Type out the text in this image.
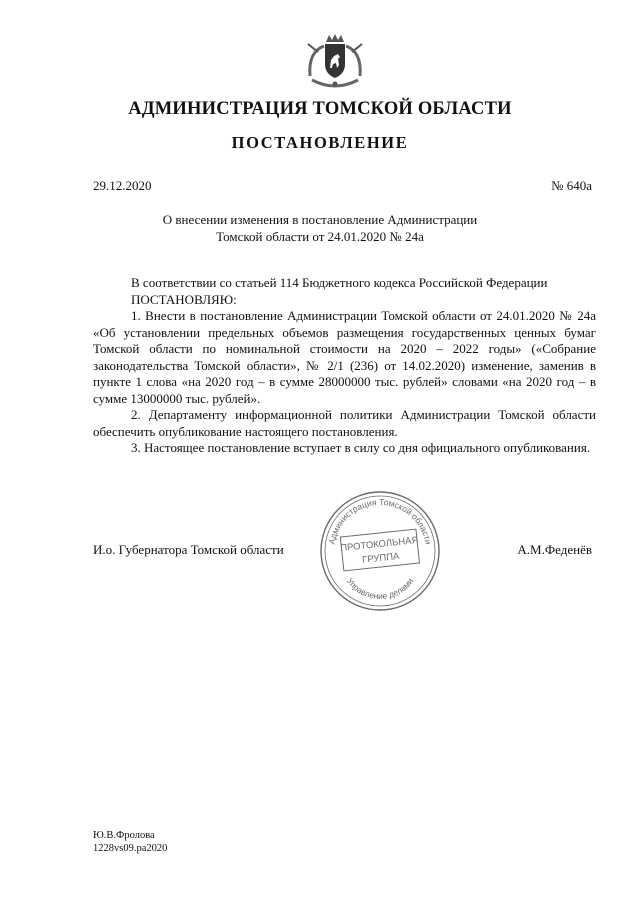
АДМИНИСТРАЦИЯ ТОМСКОЙ ОБЛАСТИ
ПОСТАНОВЛЕНИЕ
29.12.2020	№ 640а
О внесении изменения в постановление Администрации
Томской области от 24.01.2020 № 24а

В соответствии со статьей 114 Бюджетного кодекса Российской Федерации

ПОСТАНОВЛЯЮ:

1. Внести в постановление Администрации Томской области от 24.01.2020 № 24а «Об установлении предельных объемов размещения государственных ценных бумаг Томской области по номинальной стоимости на 2020 – 2022 годы» («Собрание законодательства Томской области», № 2/1 (236) от 14.02.2020) изменение, заменив в пункте 1 слова «на 2020 год – в сумме 28000000 тыс. рублей» словами «на 2020 год – в сумме 13000000 тыс. рублей».

2. Департаменту информационной политики Администрации Томской области обеспечить опубликование настоящего постановления.

3. Настоящее постановление вступает в силу со дня официального опубликования.

И.о. Губернатора Томской области	А.М.Феденёв
Администрация Томской области
Управление делами
ПРОТОКОЛЬНАЯ
ГРУППА
Ю.В.Фролова
1228vs09.pa2020
